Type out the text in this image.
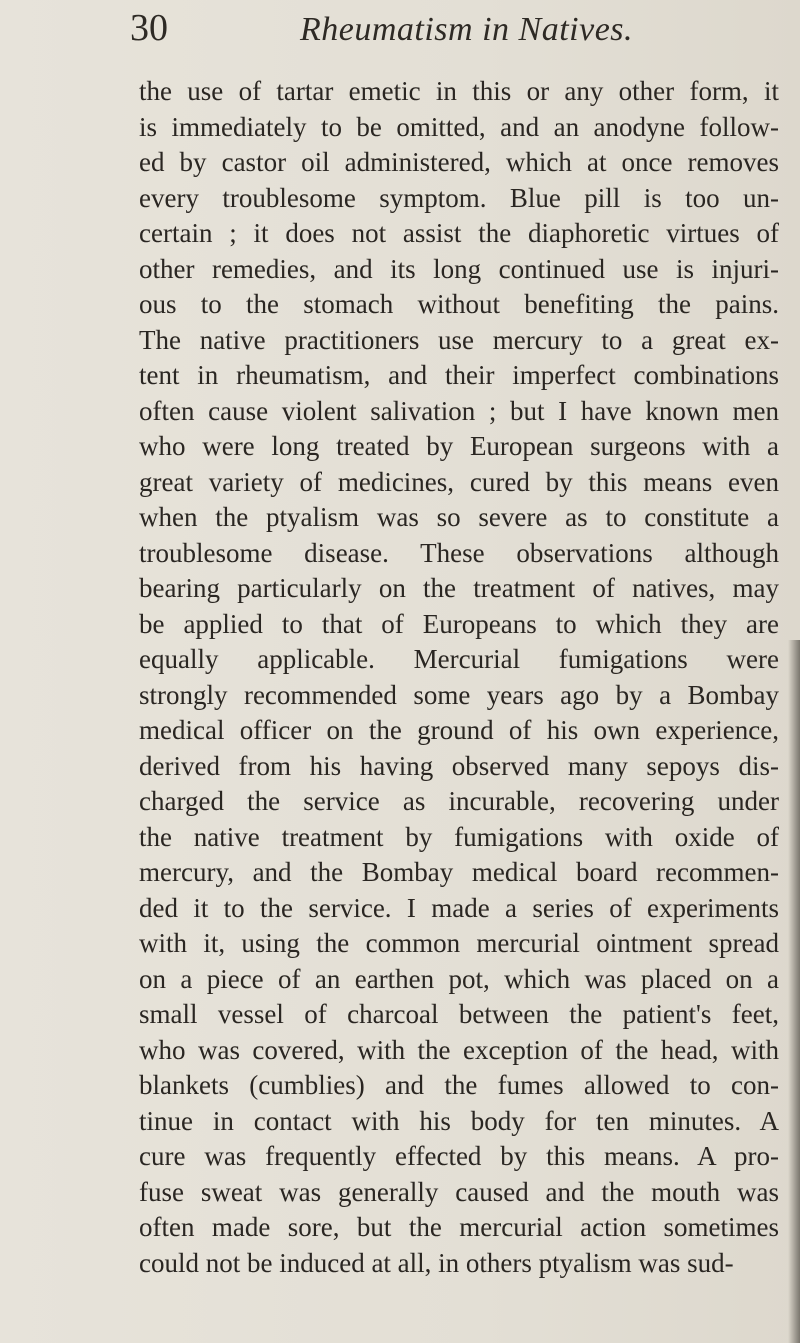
30	Rheumatism in Natives.
the use of tartar emetic in this or any other form, it
is immediately to be omitted, and an anodyne follow-
ed by castor oil administered, which at once removes
every troublesome symptom. Blue pill is too un-
certain ; it does not assist the diaphoretic virtues of
other remedies, and its long continued use is injuri-
ous to the stomach without benefiting the pains.
The native practitioners use mercury to a great ex-
tent in rheumatism, and their imperfect combinations
often cause violent salivation ; but I have known men
who were long treated by European surgeons with a
great variety of medicines, cured by this means even
when the ptyalism was so severe as to constitute a
troublesome disease. These observations although
bearing particularly on the treatment of natives, may
be applied to that of Europeans to which they are
equally applicable. Mercurial fumigations were
strongly recommended some years ago by a Bombay
medical officer on the ground of his own experience,
derived from his having observed many sepoys dis-
charged the service as incurable, recovering under
the native treatment by fumigations with oxide of
mercury, and the Bombay medical board recommen-
ded it to the service. I made a series of experiments
with it, using the common mercurial ointment spread
on a piece of an earthen pot, which was placed on a
small vessel of charcoal between the patient's feet,
who was covered, with the exception of the head, with
blankets (cumblies) and the fumes allowed to con-
tinue in contact with his body for ten minutes. A
cure was frequently effected by this means. A pro-
fuse sweat was generally caused and the mouth was
often made sore, but the mercurial action sometimes
could not be induced at all, in others ptyalism was sud-
